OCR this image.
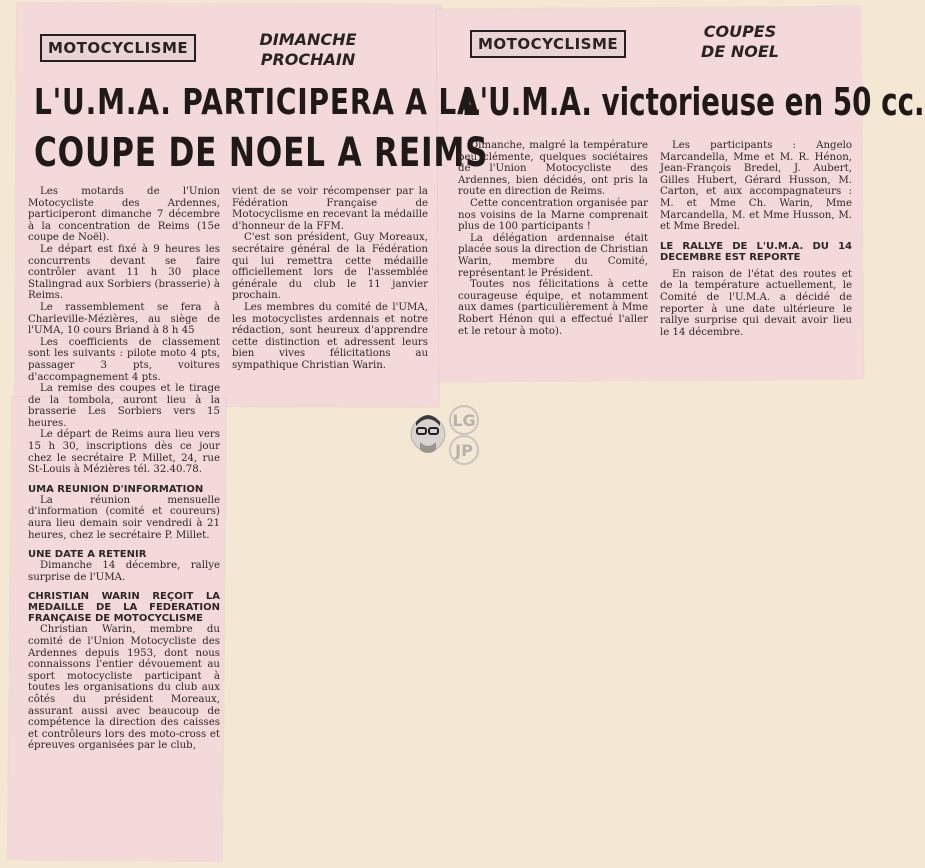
MOTOCYCLISME	DIMANCHE
PROCHAIN
L'U.M.A. PARTICIPERA A LA
COUPE DE NOEL A REIMS

Les motards de l'Union Motocycliste des Ardennes, participeront dimanche 7 décembre à la concentration de Reims (15e coupe de Noël).

Le départ est fixé à 9 heures les concurrents devant se faire contrôler avant 11 h 30 place Stalingrad aux Sorbiers (brasserie) à Reims.

Le rassemblement se fera à Charleville-Mézières, au siège de l'UMA, 10 cours Briand à 8 h 45

Les coefficients de classement sont les suivants : pilote moto 4 pts, passager 3 pts, voitures d'accompagnement 4 pts.

La remise des coupes et le tirage de la tombola, auront lieu à la brasserie Les Sorbiers vers 15 heures.

Le départ de Reims aura lieu vers 15 h 30, inscriptions dès ce jour chez le secrétaire P. Millet, 24, rue St-Louis à Mézières tél. 32.40.78.

UMA REUNION D'INFORMATION

La réunion mensuelle d'information (comité et coureurs) aura lieu demain soir vendredi à 21 heures, chez le secrétaire P. Millet.

UNE DATE A RETENIR

Dimanche 14 décembre, rallye surprise de l'UMA.

CHRISTIAN WARIN REÇOIT LA MEDAILLE DE LA FEDERATION FRANÇAISE DE MOTOCYCLISME

Christian Warin, membre du comité de l'Union Motocycliste des Ardennes depuis 1953, dont nous connaissons l'entier dévouement au sport motocycliste participant à toutes les organisations du club aux côtés du président Moreaux, assurant aussi avec beaucoup de compétence la direction des caisses et contrôleurs lors des moto-cross et épreuves organisées par le club,

vient de se voir récompenser par la Fédération Française de Motocyclisme en recevant la médaille d'honneur de la FFM.

C'est son président, Guy Moreaux, secrétaire général de la Fédération qui lui remettra cette médaille officiellement lors de l'assemblée générale du club le 11 janvier prochain.

Les membres du comité de l'UMA, les motocyclistes ardennais et notre rédaction, sont heureux d'apprendre cette distinction et adressent leurs bien vives félicitations au sympathique Christian Warin.

MOTOCYCLISME
COUPES
DE NOEL
L'U.M.A. victorieuse en 50 cc.

Dimanche, malgré la température peu clémente, quelques sociétaires de l'Union Motocycliste des Ardennes, bien décidés, ont pris la route en direction de Reims.

Cette concentration organisée par nos voisins de la Marne comprenait plus de 100 participants !

La délégation ardennaise était placée sous la direction de Christian Warin, membre du Comité, représentant le Président.

Toutes nos félicitations à cette courageuse équipe, et notamment aux dames (particulièrement à Mme Robert Hénon qui a effectué l'aller et le retour à moto).

Les participants : Angelo Marcandella, Mme et M. R. Hénon, Jean-François Bredel, J. Aubert, Gilles Hubert, Gérard Husson, M. Carton, et aux accompagnateurs : M. et Mme Ch. Warin, Mme Marcandella, M. et Mme Husson, M. et Mme Bredel.

LE RALLYE DE L'U.M.A. DU 14 DECEMBRE EST REPORTE

En raison de l'état des routes et de la température actuellement, le Comité de l'U.M.A. a décidé de reporter à une date ultérieure le rallye surprise qui devait avoir lieu le 14 décembre.

LG
JP
